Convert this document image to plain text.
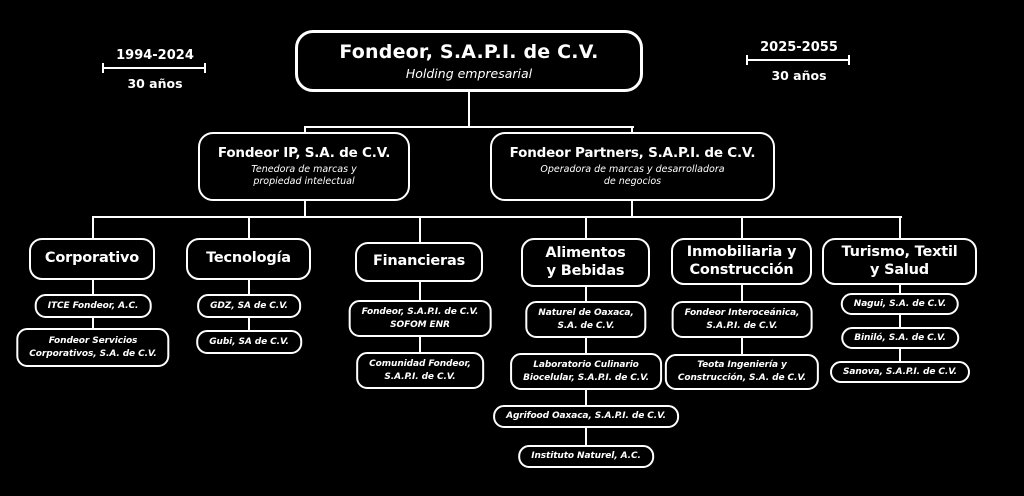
1994-2024
30 años
2025-2055
30 años
Fondeor, S.A.P.I. de C.V.
Holding empresarial
Fondeor IP, S.A. de C.V.
Tenedora de marcas y
propiedad intelectual
Fondeor Partners, S.A.P.I. de C.V.
Operadora de marcas y desarrolladora
de negocios
Corporativo	Tecnología	Financieras
Alimentos
y Bebidas
Inmobiliaria y
Construcción
Turismo, Textil
y Salud
ITCE Fondeor, A.C.
Fondeor Servicios
Corporativos, S.A. de C.V.
GDZ, SA de C.V.
Gubi, SA de C.V.
Fondeor, S.A.P.I. de C.V.
SOFOM ENR
Comunidad Fondeor,
S.A.P.I. de C.V.
Naturel de Oaxaca,
S.A. de C.V.
Laboratorio Culinario
Biocelular, S.A.P.I. de C.V.
Agrifood Oaxaca, S.A.P.I. de C.V.
Instituto Naturel, A.C.
Fondeor Interoceánica,
S.A.P.I. de C.V.
Teota Ingeniería y
Construcción, S.A. de C.V.
Nagui, S.A. de C.V.
Biniló, S.A. de C.V.
Sanova, S.A.P.I. de C.V.
